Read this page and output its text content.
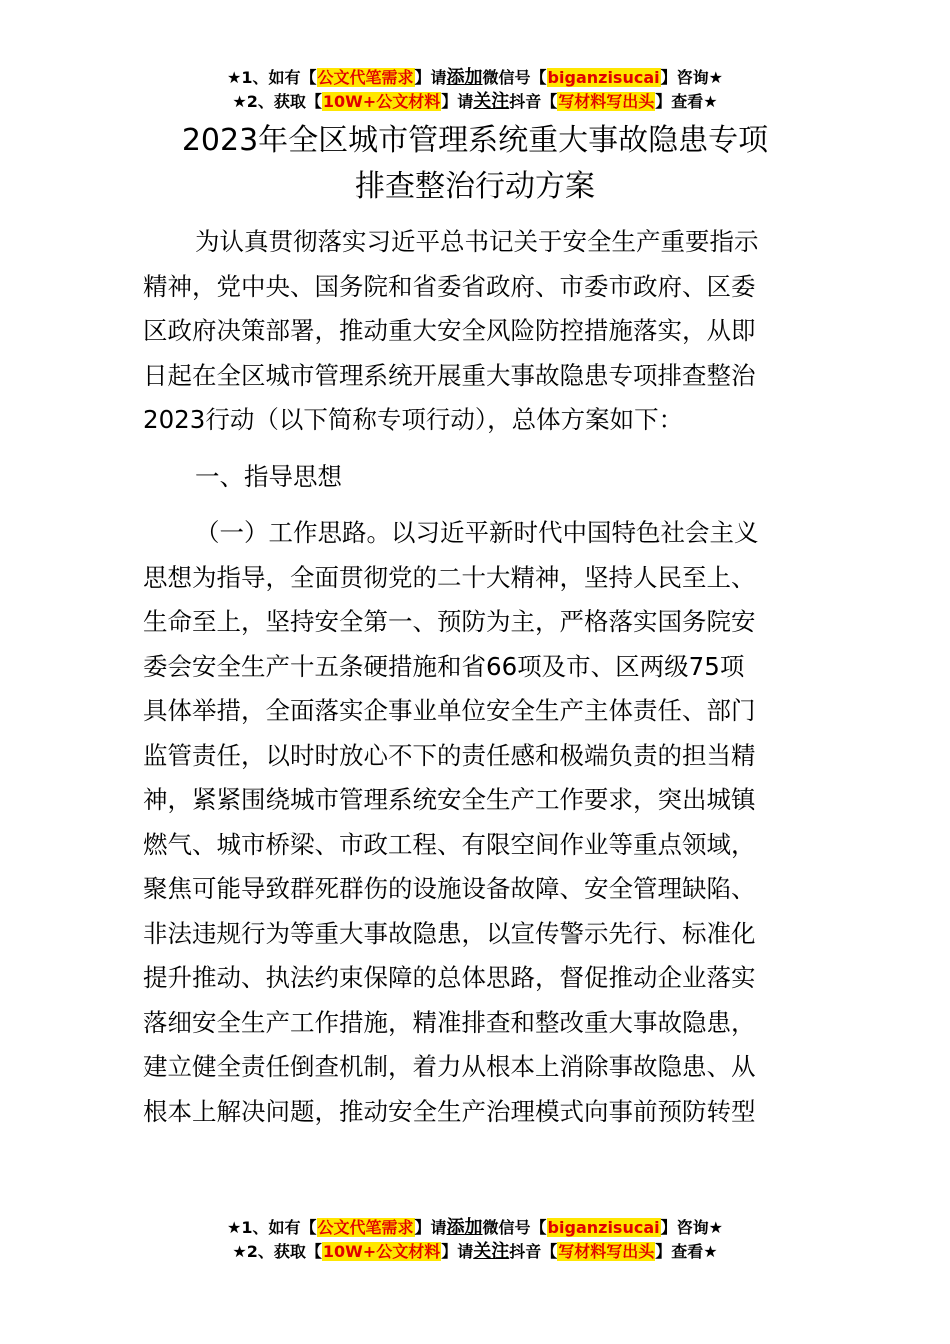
★1、如有【公文代笔需求】请添加微信号【biganzisucai】咨询★
★2、获取【10W+公文材料】请关注抖音【写材料写出头】查看★
2023年全区城市管理系统重大事故隐患专项
排查整治行动方案
为认真贯彻落实习近平总书记关于安全生产重要指示
精神，党中央、国务院和省委省政府、市委市政府、区委
区政府决策部署，推动重大安全风险防控措施落实，从即
日起在全区城市管理系统开展重大事故隐患专项排查整治
2023行动（以下简称专项行动），总体方案如下：
一、指导思想
（一）工作思路。以习近平新时代中国特色社会主义
思想为指导，全面贯彻党的二十大精神，坚持人民至上、
生命至上，坚持安全第一、预防为主，严格落实国务院安
委会安全生产十五条硬措施和省66项及市、区两级75项
具体举措，全面落实企事业单位安全生产主体责任、部门
监管责任，以时时放心不下的责任感和极端负责的担当精
神，紧紧围绕城市管理系统安全生产工作要求，突出城镇
燃气、城市桥梁、市政工程、有限空间作业等重点领域，
聚焦可能导致群死群伤的设施设备故障、安全管理缺陷、
非法违规行为等重大事故隐患，以宣传警示先行、标准化
提升推动、执法约束保障的总体思路，督促推动企业落实
落细安全生产工作措施，精准排查和整改重大事故隐患，
建立健全责任倒查机制，着力从根本上消除事故隐患、从
根本上解决问题，推动安全生产治理模式向事前预防转型
★1、如有【公文代笔需求】请添加微信号【biganzisucai】咨询★
★2、获取【10W+公文材料】请关注抖音【写材料写出头】查看★
